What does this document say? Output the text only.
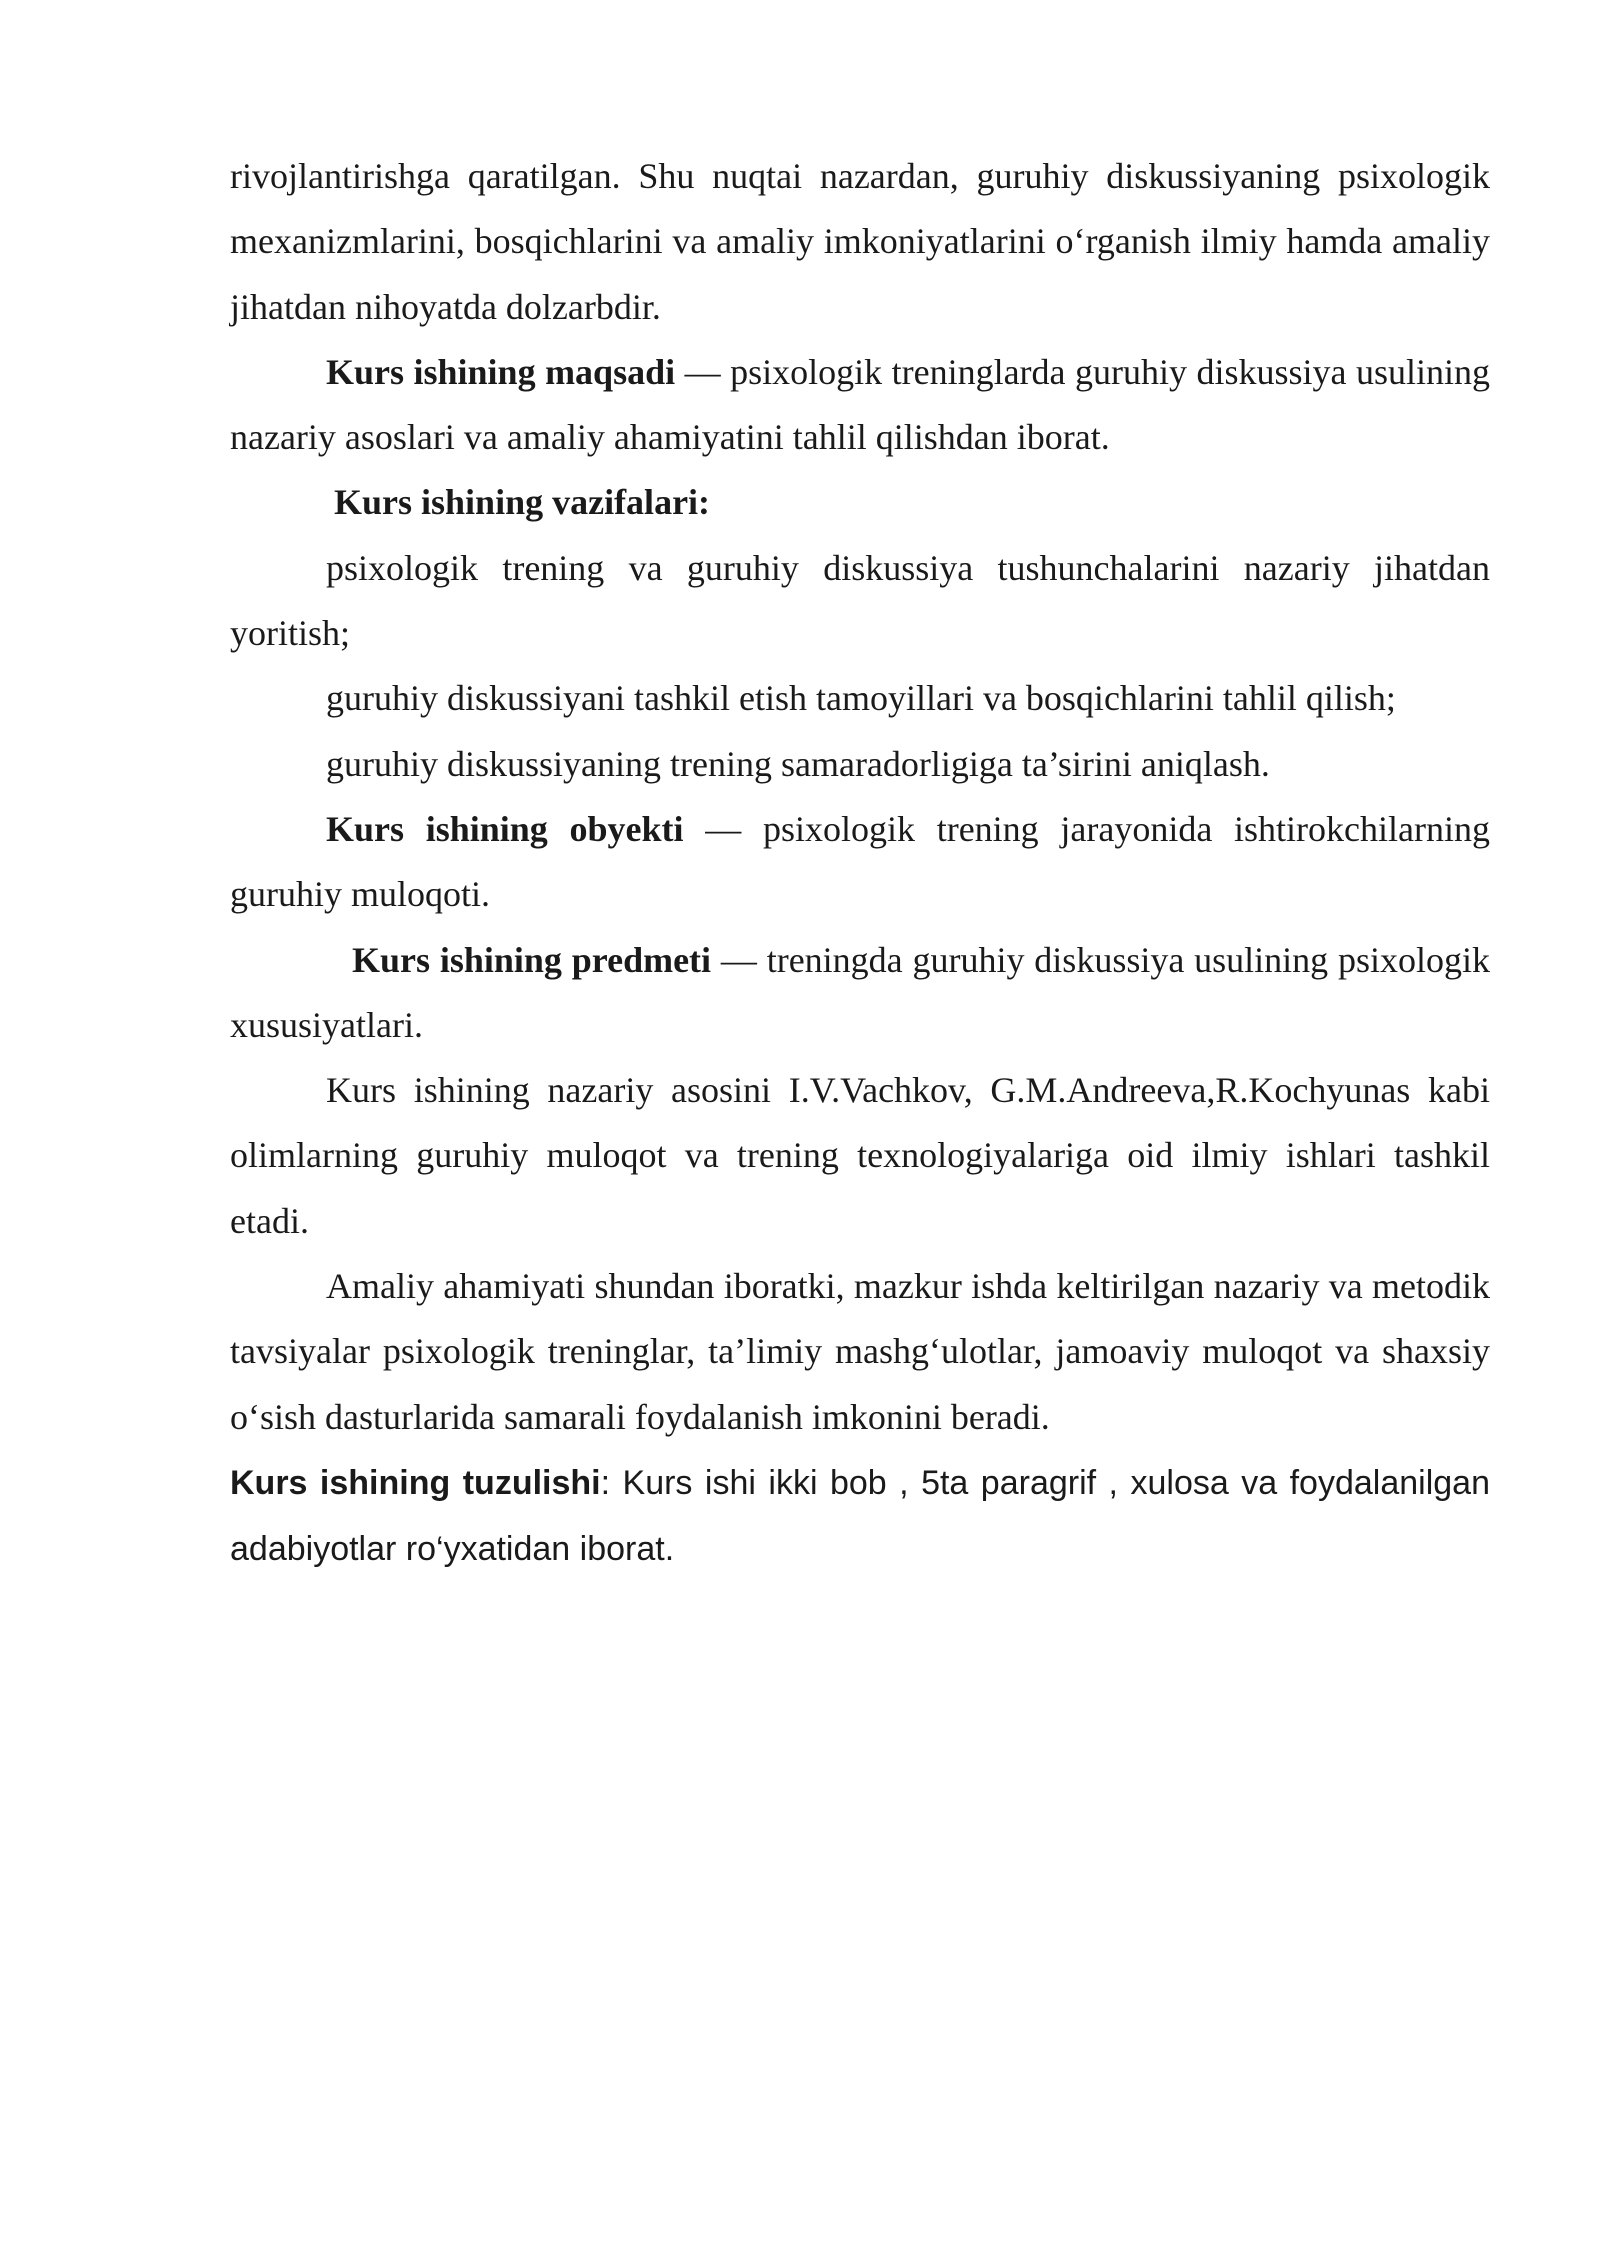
rivojlantirishga qaratilgan. Shu nuqtai nazardan, guruhiy diskussiyaning psixologik mexanizmlarini, bosqichlarini va amaliy imkoniyatlarini o‘rganish ilmiy hamda amaliy jihatdan nihoyatda dolzarbdir.

Kurs ishining maqsadi — psixologik treninglarda guruhiy diskussiya usulining nazariy asoslari va amaliy ahamiyatini tahlil qilishdan iborat.

Kurs ishining vazifalari:

psixologik trening va guruhiy diskussiya tushunchalarini nazariy jihatdan yoritish;

guruhiy diskussiyani tashkil etish tamoyillari va bosqichlarini tahlil qilish;

guruhiy diskussiyaning trening samaradorligiga ta’sirini aniqlash.

Kurs ishining obyekti — psixologik trening jarayonida ishtirokchilarning guruhiy muloqoti.

Kurs ishining predmeti — treningda guruhiy diskussiya usulining psixologik xususiyatlari.

Kurs ishining nazariy asosini I.V.Vachkov, G.M.Andreeva,R.Kochyunas kabi olimlarning guruhiy muloqot va trening texnologiyalariga oid ilmiy ishlari tashkil etadi.

Amaliy ahamiyati shundan iboratki, mazkur ishda keltirilgan nazariy va metodik tavsiyalar psixologik treninglar, ta’limiy mashg‘ulotlar, jamoaviy muloqot va shaxsiy o‘sish dasturlarida samarali foydalanish imkonini beradi.

Kurs ishining tuzulishi: Kurs ishi ikki bob , 5ta paragrif , xulosa va foydalanilgan adabiyotlar ro‘yxatidan iborat.
